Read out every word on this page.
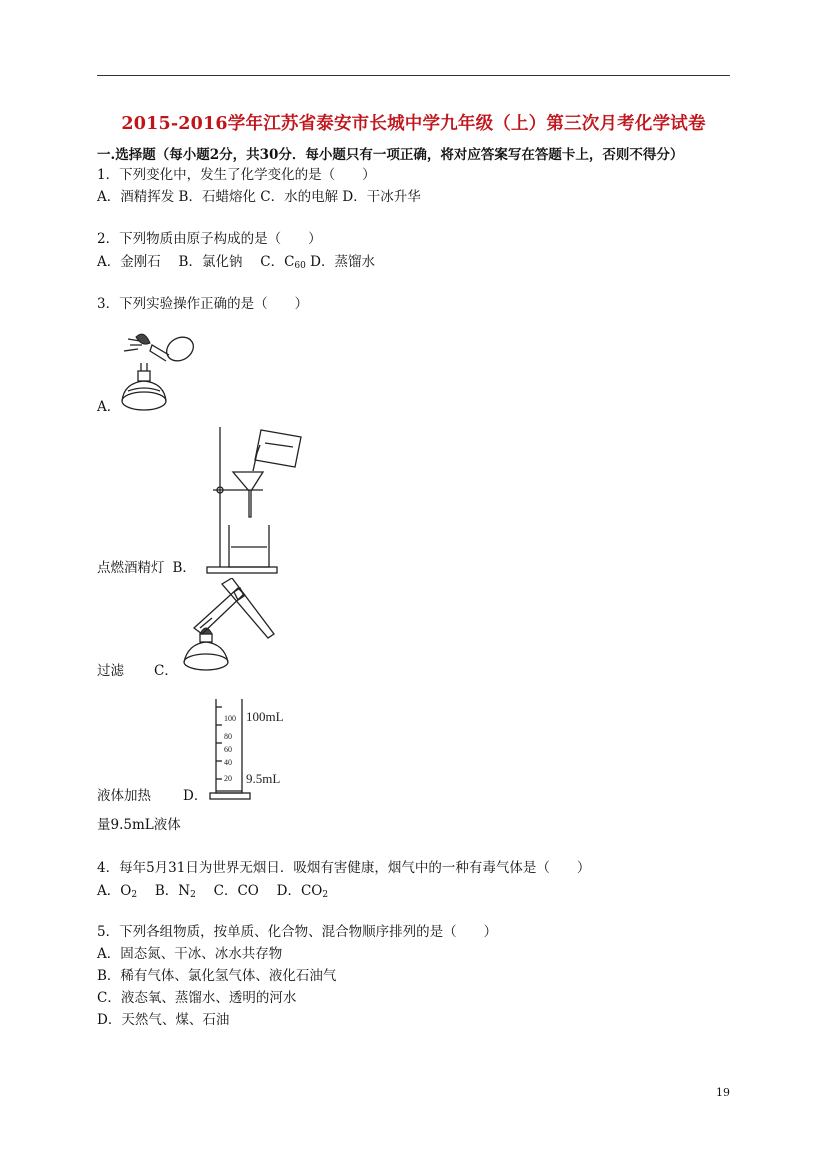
2015-2016学年江苏省泰安市长城中学九年级（上）第三次月考化学试卷
一.选择题（每小题2分，共30分．每小题只有一项正确，将对应答案写在答题卡上，否则不得分）
1．下列变化中，发生了化学变化的是（　　）
A．酒精挥发 B．石蜡熔化 C．水的电解 D．干冰升华
2．下列物质由原子构成的是（　　）
A．金刚石　 B．氯化钠　 C．$C_{60}$ D．蒸馏水
3．下列实验操作正确的是（　　）
A．
点燃酒精灯 B．
过滤 C．
100
80
60
40
20
100mL
9.5mL
液体加热 D．
量9.5mL液体
4．每年5月31日为世界无烟日．吸烟有害健康，烟气中的一种有毒气体是（　　）
A．$O_2$　 B．$N_2$　 C．CO　 D．$CO_2$
5．下列各组物质，按单质、化合物、混合物顺序排列的是（　　）
A．固态氮、干冰、冰水共存物
B．稀有气体、氯化氢气体、液化石油气
C．液态氧、蒸馏水、透明的河水
D．天然气、煤、石油
19
